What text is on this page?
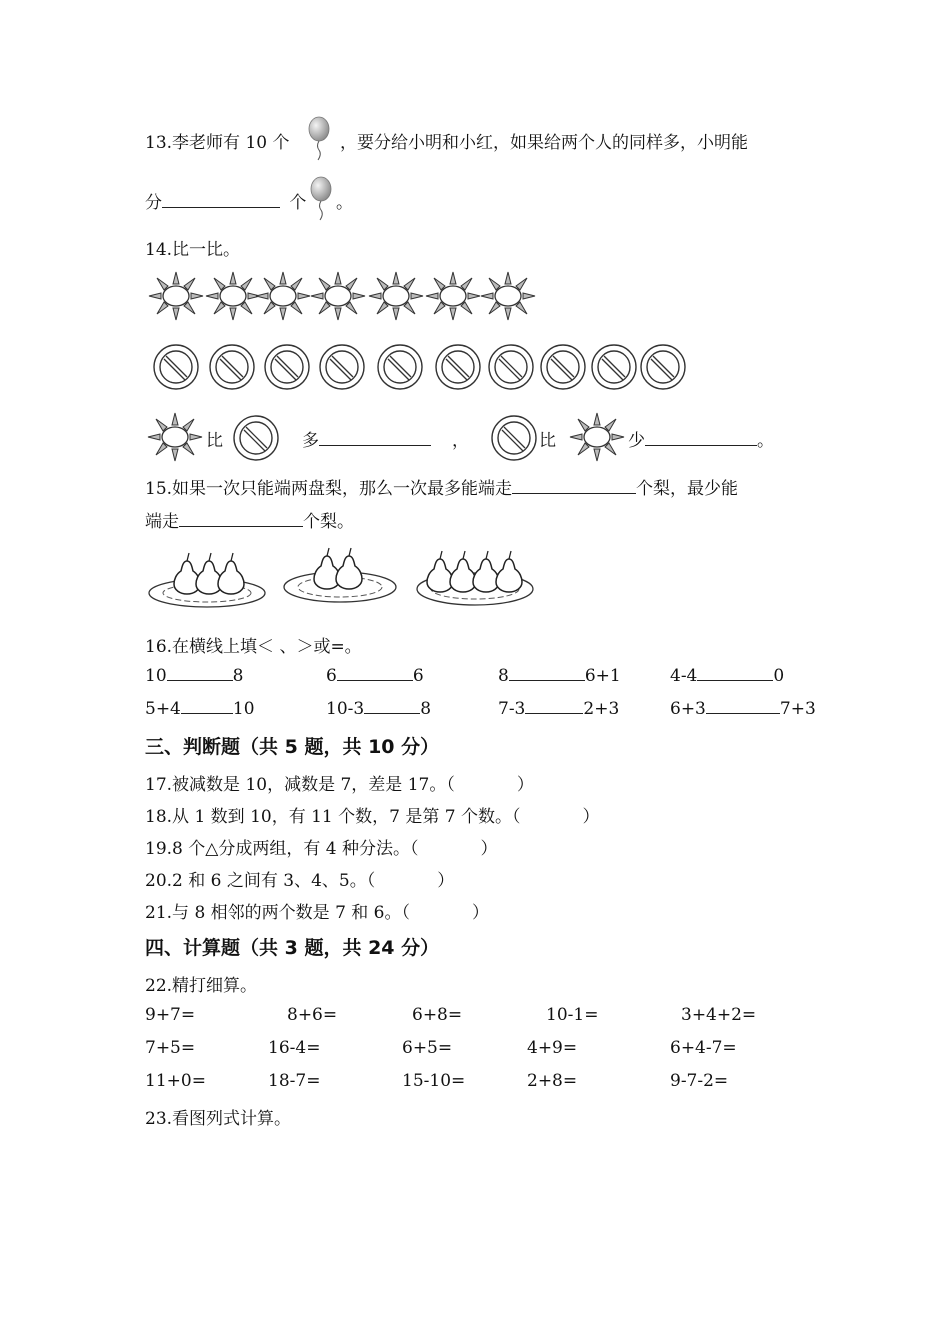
13.李老师有 10 个	，要分给小明和小红，如果给两个人的同样多，小明能
分	个 。
14.比一比。
比	多	，	比	少	。
15.如果一次只能端两盘梨，那么一次最多能端走	个梨，最少能
端走	个梨。
16.在横线上填＜ 、＞或=。
10	8	6	6	8	6+1	4-4	0
5+4	10	10-3	8	7-3	2+3	6+3	7+3
三、判断题（共 5 题，共 10 分）
17.被减数是 10，减数是 7，差是 17。（	）
18.从 1 数到 10，有 11 个数，7 是第 7 个数。（	）
19.8 个△分成两组，有 4 种分法。（	）
20.2 和 6 之间有 3、4、5。（	）
21.与 8 相邻的两个数是 7 和 6。（	）
四、计算题（共 3 题，共 24 分）
22.精打细算。
9+7=	8+6=	6+8=	10-1=	3+4+2=
7+5=	16-4=	6+5=	4+9=	6+4-7=
11+0=	18-7=	15-10=	2+8=	9-7-2=
23.看图列式计算。
